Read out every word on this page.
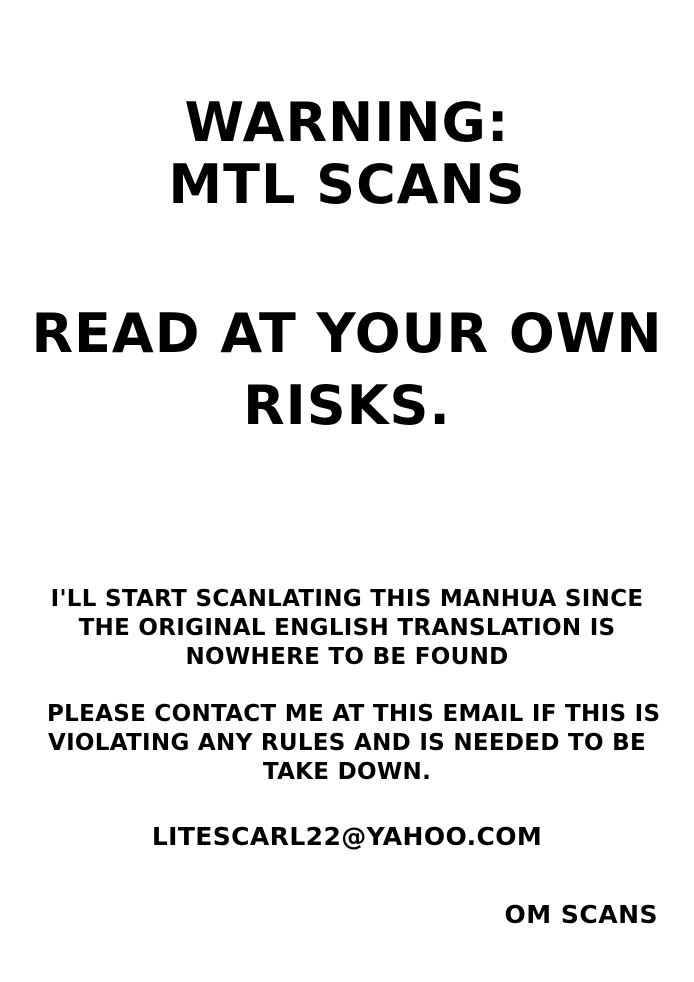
WARNING:
MTL SCANS
READ AT YOUR OWN
RISKS.
I'LL START SCANLATING THIS MANHUA SINCE
THE ORIGINAL ENGLISH TRANSLATION IS
NOWHERE TO BE FOUND
PLEASE CONTACT ME AT THIS EMAIL IF THIS IS
VIOLATING ANY RULES AND IS NEEDED TO BE
TAKE DOWN.
LITESCARL22@YAHOO.COM
OM SCANS
